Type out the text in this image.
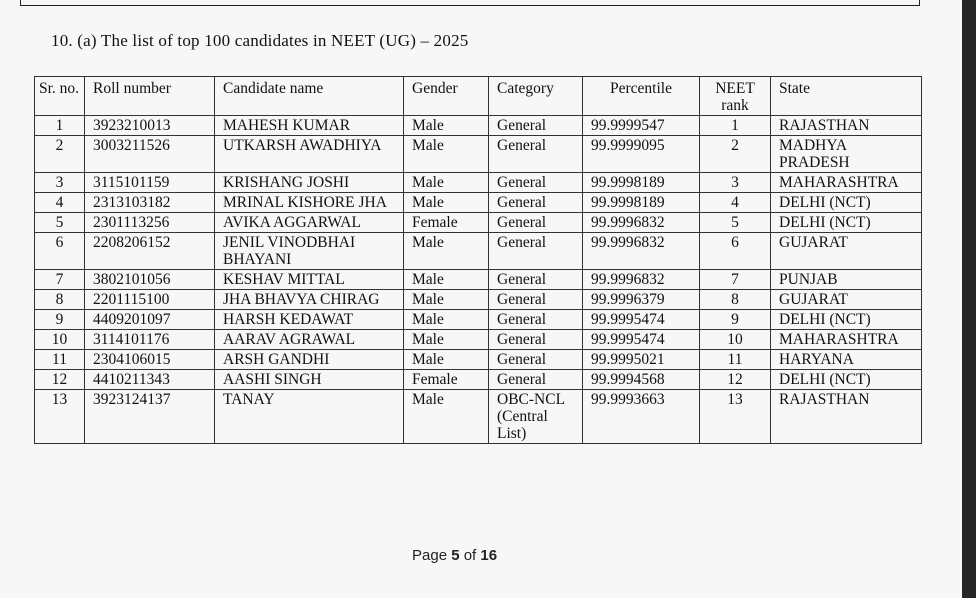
10. (a) The list of top 100 candidates in NEET (UG) – 2025
Sr. no.	Roll number	Candidate name	Gender	Category	Percentile	NEET rank	State
1	3923210013	MAHESH KUMAR	Male	General	99.9999547	1	RAJASTHAN
2	3003211526	UTKARSH AWADHIYA	Male	General	99.9999095	2	MADHYA PRADESH
3	3115101159	KRISHANG JOSHI	Male	General	99.9998189	3	MAHARASHTRA
4	2313103182	MRINAL KISHORE JHA	Male	General	99.9998189	4	DELHI (NCT)
5	2301113256	AVIKA AGGARWAL	Female	General	99.9996832	5	DELHI (NCT)
6	2208206152	JENIL VINODBHAI BHAYANI	Male	General	99.9996832	6	GUJARAT
7	3802101056	KESHAV MITTAL	Male	General	99.9996832	7	PUNJAB
8	2201115100	JHA BHAVYA CHIRAG	Male	General	99.9996379	8	GUJARAT
9	4409201097	HARSH KEDAWAT	Male	General	99.9995474	9	DELHI (NCT)
10	3114101176	AARAV AGRAWAL	Male	General	99.9995474	10	MAHARASHTRA
11	2304106015	ARSH GANDHI	Male	General	99.9995021	11	HARYANA
12	4410211343	AASHI SINGH	Female	General	99.9994568	12	DELHI (NCT)
13	3923124137	TANAY	Male	OBC-NCL (Central List)	99.9993663	13	RAJASTHAN
Page 5 of 16
